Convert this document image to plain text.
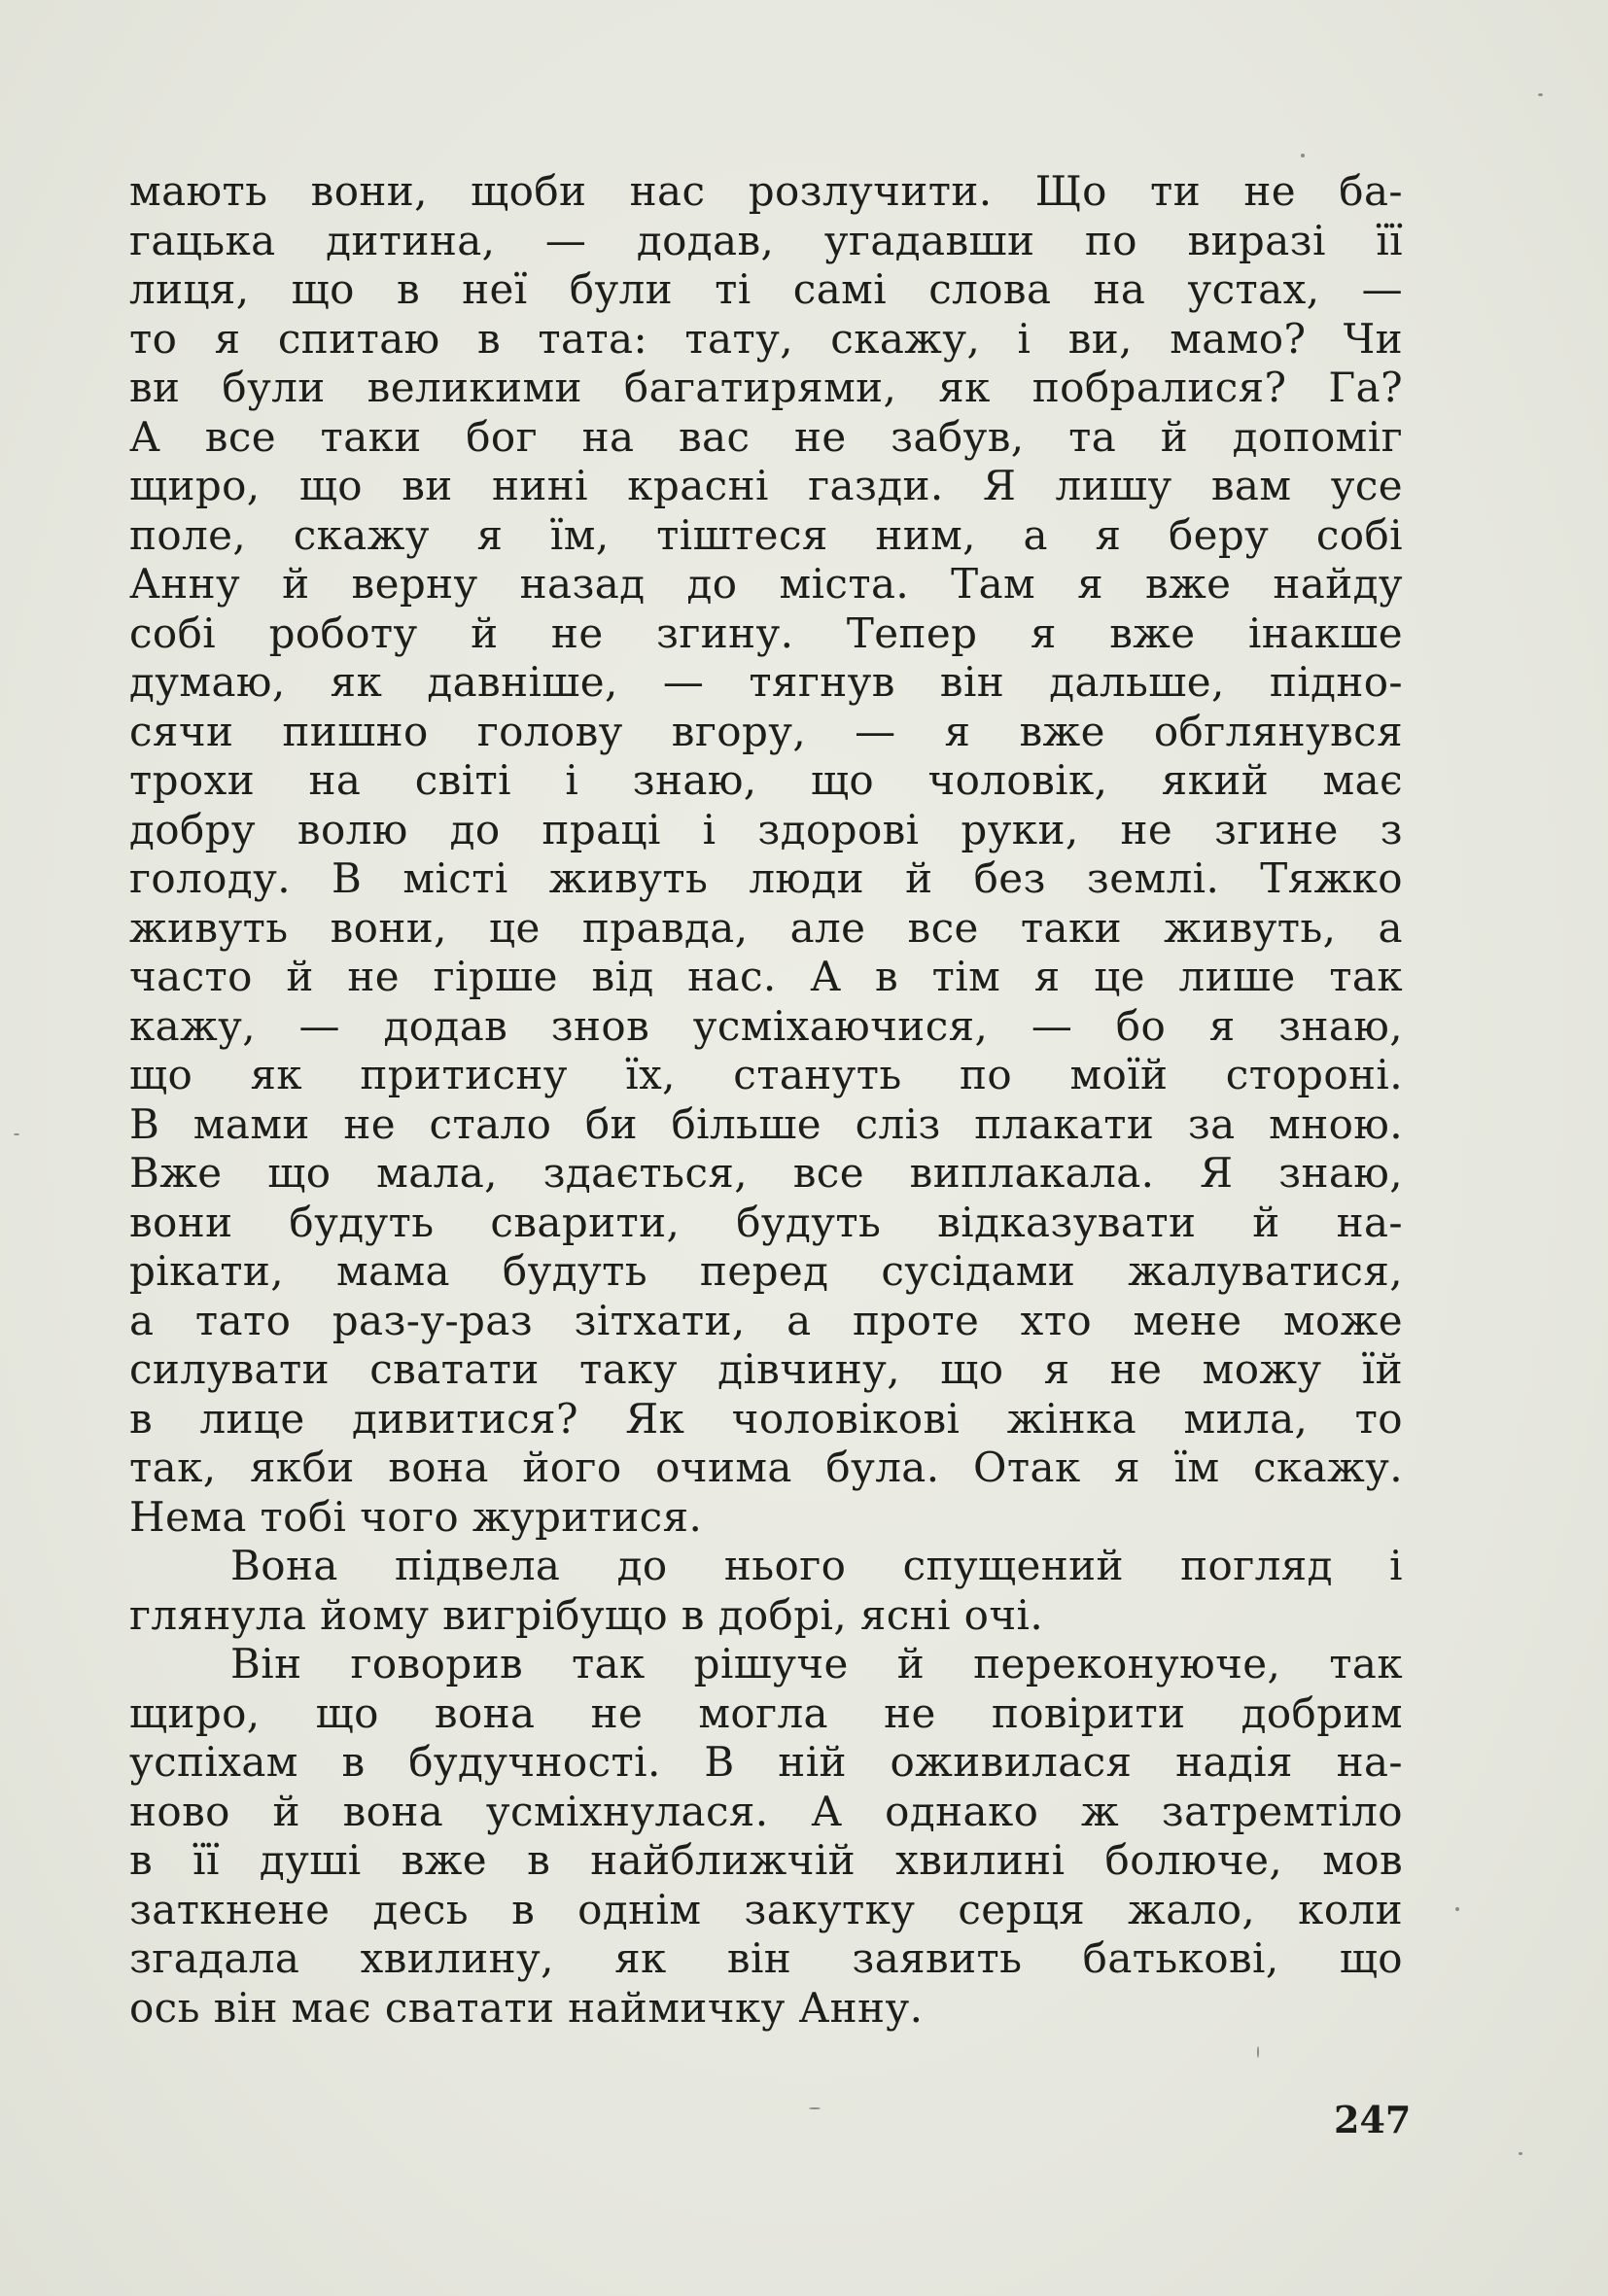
мають вони, щоби нас розлучити. Що ти не ба-
гацька дитина, — додав, угадавши по виразі її
лиця, що в неї були ті самі слова на устах, —
то я спитаю в тата: тату, скажу, і ви, мамо? Чи
ви були великими багатирями, як побралися? Га?
А все таки бог на вас не забув, та й допоміг
щиро, що ви нині красні газди. Я лишу вам усе
поле, скажу я їм, тіштеся ним, а я беру собі
Анну й верну назад до міста. Там я вже найду
собі роботу й не згину. Тепер я вже інакше
думаю, як давніше, — тягнув він дальше, підно-
сячи пишно голову вгору, — я вже обглянувся
трохи на світі і знаю, що чоловік, який має
добру волю до праці і здорові руки, не згине з
голоду. В місті живуть люди й без землі. Тяжко
живуть вони, це правда, але все таки живуть, а
часто й не гірше від нас. А в тім я це лише так
кажу, — додав знов усміхаючися, — бо я знаю,
що як притисну їх, стануть по моїй стороні.
В мами не стало би більше сліз плакати за мною.
Вже що мала, здається, все виплакала. Я знаю,
вони будуть сварити, будуть відказувати й на-
рікати, мама будуть перед сусідами жалуватися,
а тато раз-у-раз зітхати, а проте хто мене може
силувати сватати таку дівчину, що я не можу їй
в лице дивитися? Як чоловікові жінка мила, то
так, якби вона його очима була. Отак я їм скажу.
Нема тобі чого журитися.
Вона підвела до нього спущений погляд і
глянула йому вигрібущо в добрі, ясні очі.
Він говорив так рішуче й переконуюче, так
щиро, що вона не могла не повірити добрим
успіхам в будучності. В ній оживилася надія на-
ново й вона усміхнулася. А однако ж затремтіло
в її душі вже в найближчій хвилині болюче, мов
заткнене десь в однім закутку серця жало, коли
згадала хвилину, як він заявить батькові, що
ось він має сватати наймичку Анну.
247
